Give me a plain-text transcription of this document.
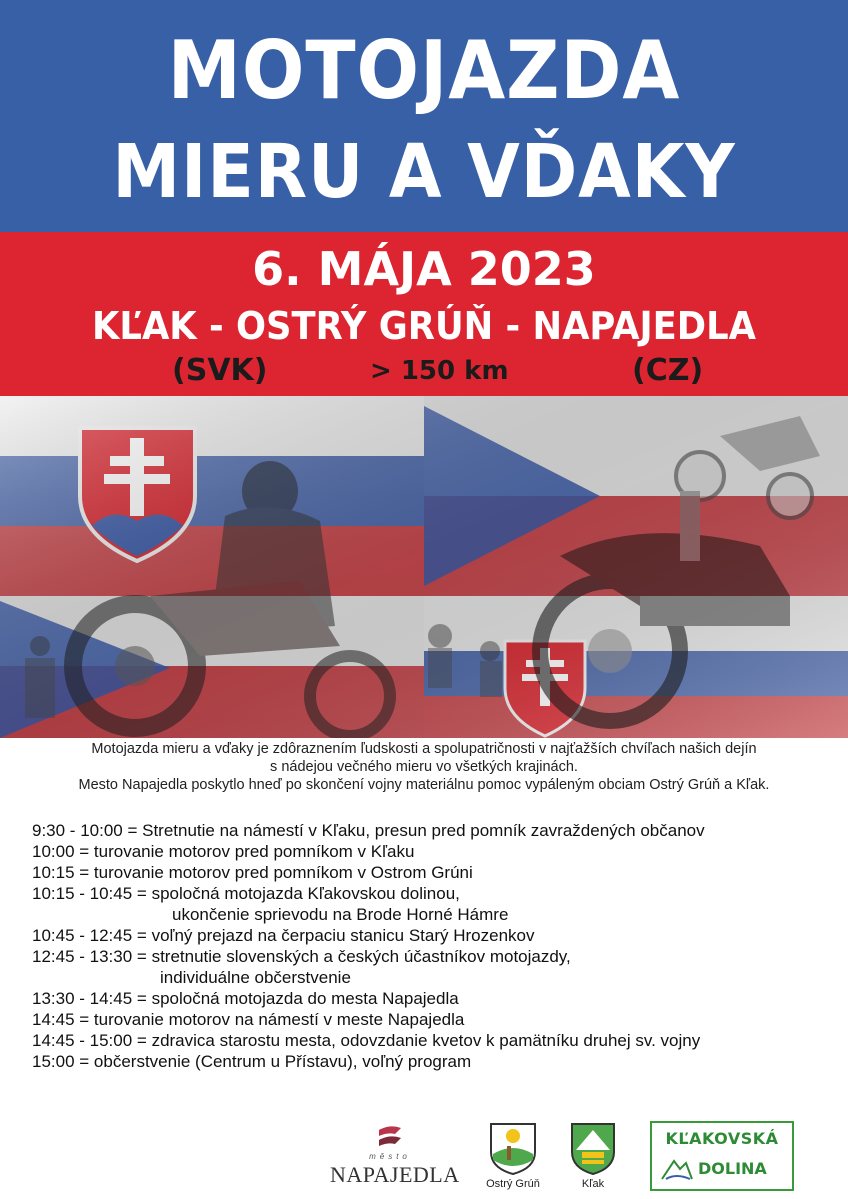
MOTOJAZDA
MIERU A VĎAKY
6. MÁJA 2023
KĽAK - OSTRÝ GRÚŇ - NAPAJEDLA
(SVK)	> 150 km	(CZ)

Motojazda mieru a vďaky je zdôraznením ľudskosti a spolupatričnosti v najťažších chvíľach našich dejín

s nádejou večného mieru vo všetkých krajinách.

Mesto Napajedla poskytlo hneď po skončení vojny materiálnu pomoc vypáleným obciam Ostrý Grúň a Kľak.

9:30 - 10:00 = Stretnutie na námestí v Kľaku, presun pred pomník zavraždených občanov
10:00 = turovanie motorov pred pomníkom v Kľaku
10:15 = turovanie motorov pred pomníkom v Ostrom Grúni
10:15 - 10:45 = spoločná motojazda Kľakovskou dolinou,
ukončenie sprievodu na Brode Horné Hámre
10:45 - 12:45 = voľný prejazd na čerpaciu stanicu Starý Hrozenkov
12:45 - 13:30 = stretnutie slovenských a českých účastníkov motojazdy,
individuálne občerstvenie
13:30 - 14:45 = spoločná motojazda do mesta Napajedla
14:45 = turovanie motorov na námestí v meste Napajedla
14:45 - 15:00 = zdravica starostu mesta, odovzdanie kvetov k pamätníku druhej sv. vojny
15:00 = občerstvenie (Centrum u Přístavu), voľný program
město
NAPAJEDLA	Ostrý Grúň	Kľak
KĽAKOVSKÁ
DOLINA
